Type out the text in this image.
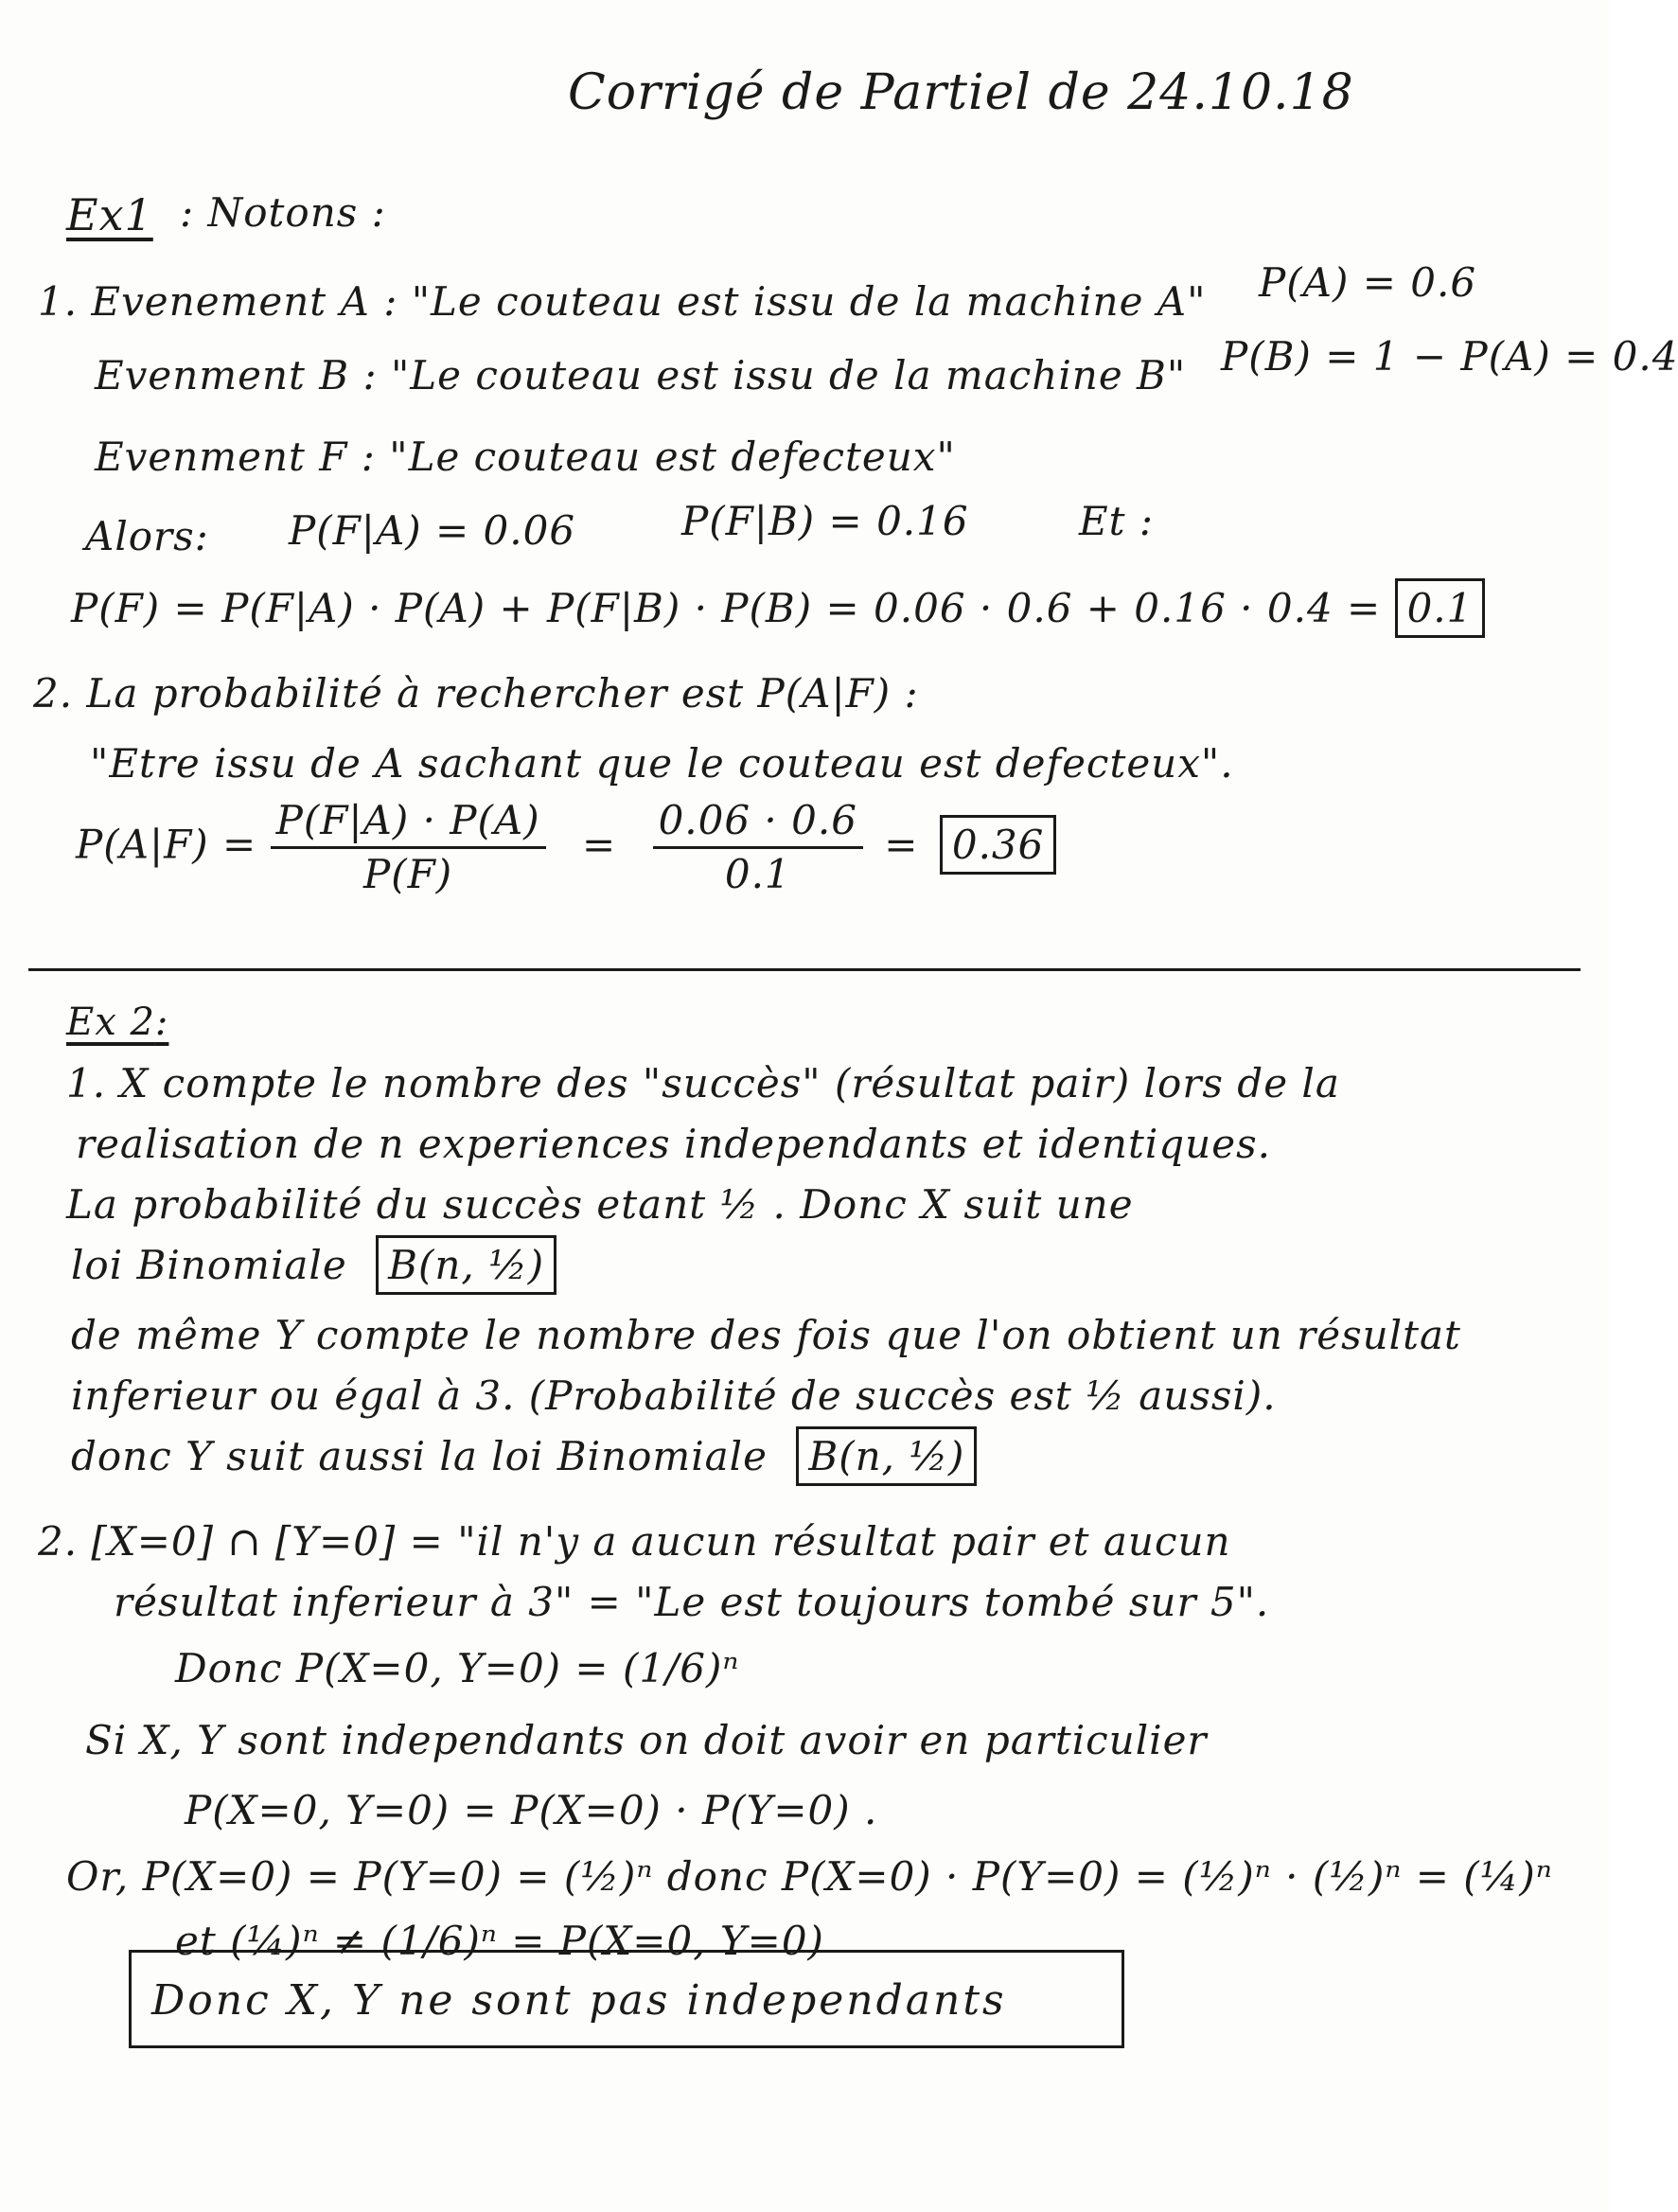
Corrigé de Partiel de 24.10.18
Ex1 : Notons :
1. Evenement A : "Le couteau est issu de la machine A" P(A) = 0.6
Evenment B : "Le couteau est issu de la machine B" P(B) = 1 − P(A) = 0.4
Evenment F : "Le couteau est defecteux"
Alors: P(F|A) = 0.06	P(F|B) = 0.16	Et :
P(F) = P(F|A) · P(A) + P(F|B) · P(B) = 0.06 · 0.6 + 0.16 · 0.4 = 0.1
2. La probabilité à rechercher est P(A|F) :
"Etre issu de A sachant que le couteau est defecteux".
$P(A|F) = \frac{P(F|A) \cdot P(A)}{P(F)} = \frac{0.06 \cdot 0.6}{0.1} = 0.36$
Ex 2:
1. X compte le nombre des "succès" (résultat pair) lors de la
realisation de n experiences independants et identiques.
La probabilité du succès etant ½ . Donc X suit une
loi Binomiale B(n, ½)
de même Y compte le nombre des fois que l'on obtient un résultat
inferieur ou égal à 3. (Probabilité de succès est ½ aussi).
donc Y suit aussi la loi Binomiale B(n, ½)
2. [X=0] ∩ [Y=0] = "il n'y a aucun résultat pair et aucun
résultat inferieur à 3" = "Le est toujours tombé sur 5".
Donc P(X=0, Y=0) = (1/6)ⁿ
Si X, Y sont independants on doit avoir en particulier
P(X=0, Y=0) = P(X=0) · P(Y=0) .
Or, P(X=0) = P(Y=0) = (½)ⁿ donc P(X=0) · P(Y=0) = (½)ⁿ · (½)ⁿ = (¼)ⁿ
et (¼)ⁿ ≠ (1/6)ⁿ = P(X=0, Y=0)
Donc X, Y ne sont pas independants
